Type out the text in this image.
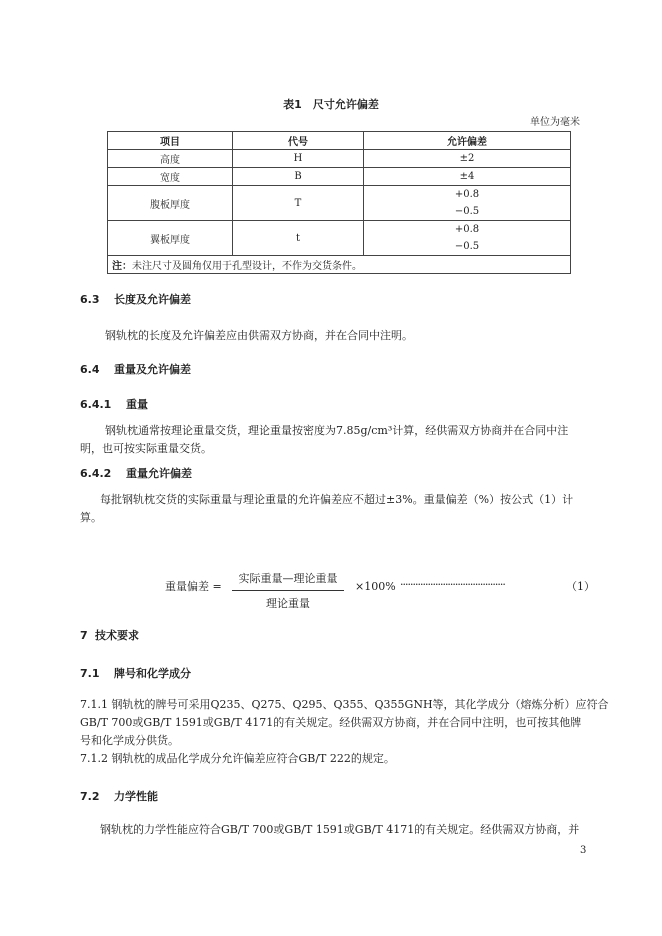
表1　尺寸允许偏差
单位为毫米
项目	代号	允许偏差
高度	H	±2
宽度	B	±4
腹板厚度	T	+0.8
		−0.5
翼板厚度	t	+0.8
		−0.5
注：未注尺寸及圆角仅用于孔型设计，不作为交货条件。		
6.3 长度及允许偏差
钢轨枕的长度及允许偏差应由供需双方协商，并在合同中注明。
6.4 重量及允许偏差
6.4.1 重量
钢轨枕通常按理论重量交货，理论重量按密度为7.85g/cm³计算，经供需双方协商并在合同中注
明，也可按实际重量交货。
6.4.2 重量允许偏差
每批钢轨枕交货的实际重量与理论重量的允许偏差应不超过±3%。重量偏差（%）按公式（1）计
算。
重量偏差 =
实际重量—理论重量
理论重量
×100% ··········································	（1）
7 技术要求
7.1 牌号和化学成分
7.1.1 钢轨枕的牌号可采用Q235、Q275、Q295、Q355、Q355GNH等，其化学成分（熔炼分析）应符合
GB/T 700或GB/T 1591或GB/T 4171的有关规定。经供需双方协商，并在合同中注明，也可按其他牌
号和化学成分供货。
7.1.2 钢轨枕的成品化学成分允许偏差应符合GB/T 222的规定。
7.2 力学性能
钢轨枕的力学性能应符合GB/T 700或GB/T 1591或GB/T 4171的有关规定。经供需双方协商，并
3
